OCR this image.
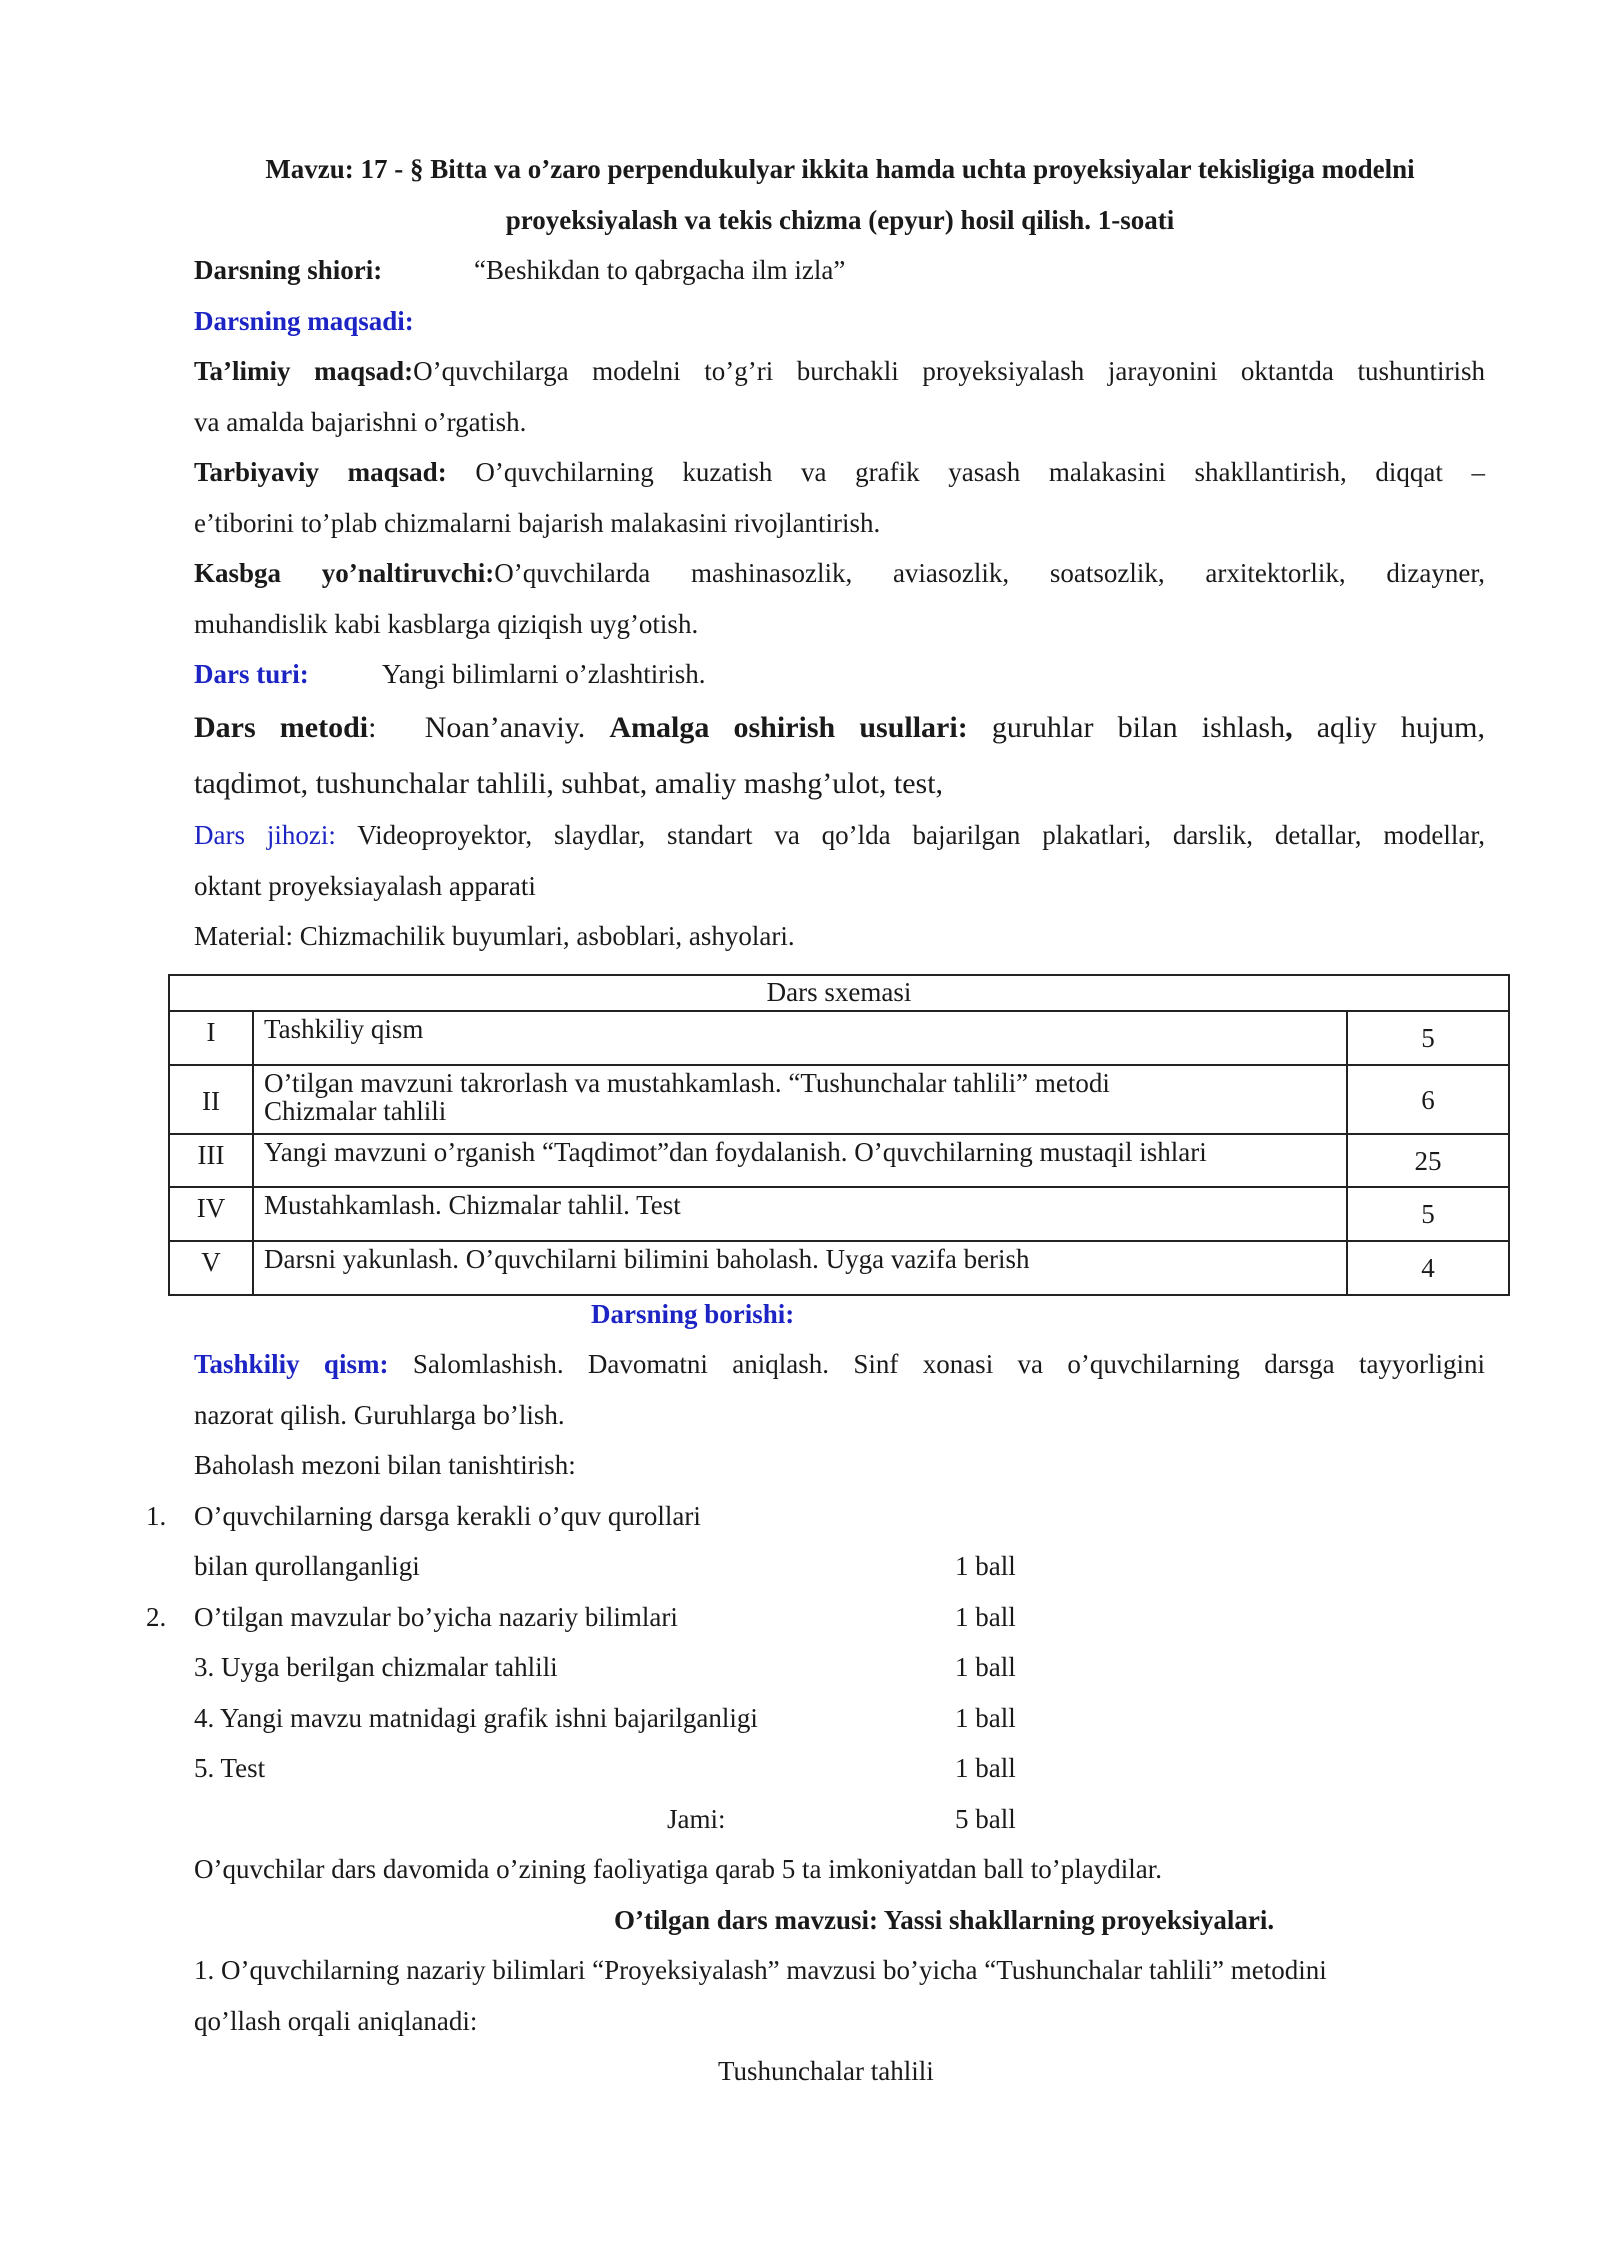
Mavzu: 17 - § Bitta va o’zaro perpendukulyar ikkita hamda uchta proyeksiyalar tekisligiga modelni
proyeksiyalash va tekis chizma (epyur) hosil qilish. 1-soati
Darsning shiori:	“Beshikdan to qabrgacha ilm izla”
Darsning maqsadi:
Ta’limiy maqsad:O’quvchilarga modelni to’g’ri burchakli proyeksiyalash jarayonini oktantda tushuntirish
va amalda bajarishni o’rgatish.
Tarbiyaviy maqsad: O’quvchilarning kuzatish va grafik yasash malakasini shakllantirish, diqqat –
e’tiborini to’plab chizmalarni bajarish malakasini rivojlantirish.
Kasbga yo’naltiruvchi:O’quvchilarda mashinasozlik, aviasozlik, soatsozlik, arxitektorlik, dizayner,
muhandislik kabi kasblarga qiziqish uyg’otish.
Dars turi:	Yangi bilimlarni o’zlashtirish.
Dars metodi: Noan’anaviy. Amalga oshirish usullari: guruhlar bilan ishlash, aqliy hujum,
taqdimot, tushunchalar tahlili, suhbat, amaliy mashg’ulot, test,
Dars jihozi: Videoproyektor, slaydlar, standart va qo’lda bajarilgan plakatlari, darslik, detallar, modellar,
oktant proyeksiayalash apparati
Material: Chizmachilik buyumlari, asboblari, ashyolari.
Dars sxemasi		
I	Tashkiliy qism	5
II	O’tilgan mavzuni takrorlash va mustahkamlash. “Tushunchalar tahlili” metodi
Chizmalar tahlili	6
III	Yangi mavzuni o’rganish “Taqdimot”dan foydalanish. O’quvchilarning mustaqil ishlari	25
IV	Mustahkamlash. Chizmalar tahlil. Test	5
V	Darsni yakunlash. O’quvchilarni bilimini baholash. Uyga vazifa berish	4
Darsning borishi:
Tashkiliy qism: Salomlashish. Davomatni aniqlash. Sinf xonasi va o’quvchilarning darsga tayyorligini
nazorat qilish. Guruhlarga bo’lish.
Baholash mezoni bilan tanishtirish:
1. O’quvchilarning darsga kerakli o’quv qurollari
bilan qurollanganligi	1 ball
2. O’tilgan mavzular bo’yicha nazariy bilimlari	1 ball
3. Uyga berilgan chizmalar tahlili	1 ball
4. Yangi mavzu matnidagi grafik ishni bajarilganligi	1 ball
5. Test	1 ball
Jami:	5 ball
O’quvchilar dars davomida o’zining faoliyatiga qarab 5 ta imkoniyatdan ball to’playdilar.
O’tilgan dars mavzusi: Yassi shakllarning proyeksiyalari.
1. O’quvchilarning nazariy bilimlari “Proyeksiyalash” mavzusi bo’yicha “Tushunchalar tahlili” metodini
qo’llash orqali aniqlanadi:
Tushunchalar tahlili
